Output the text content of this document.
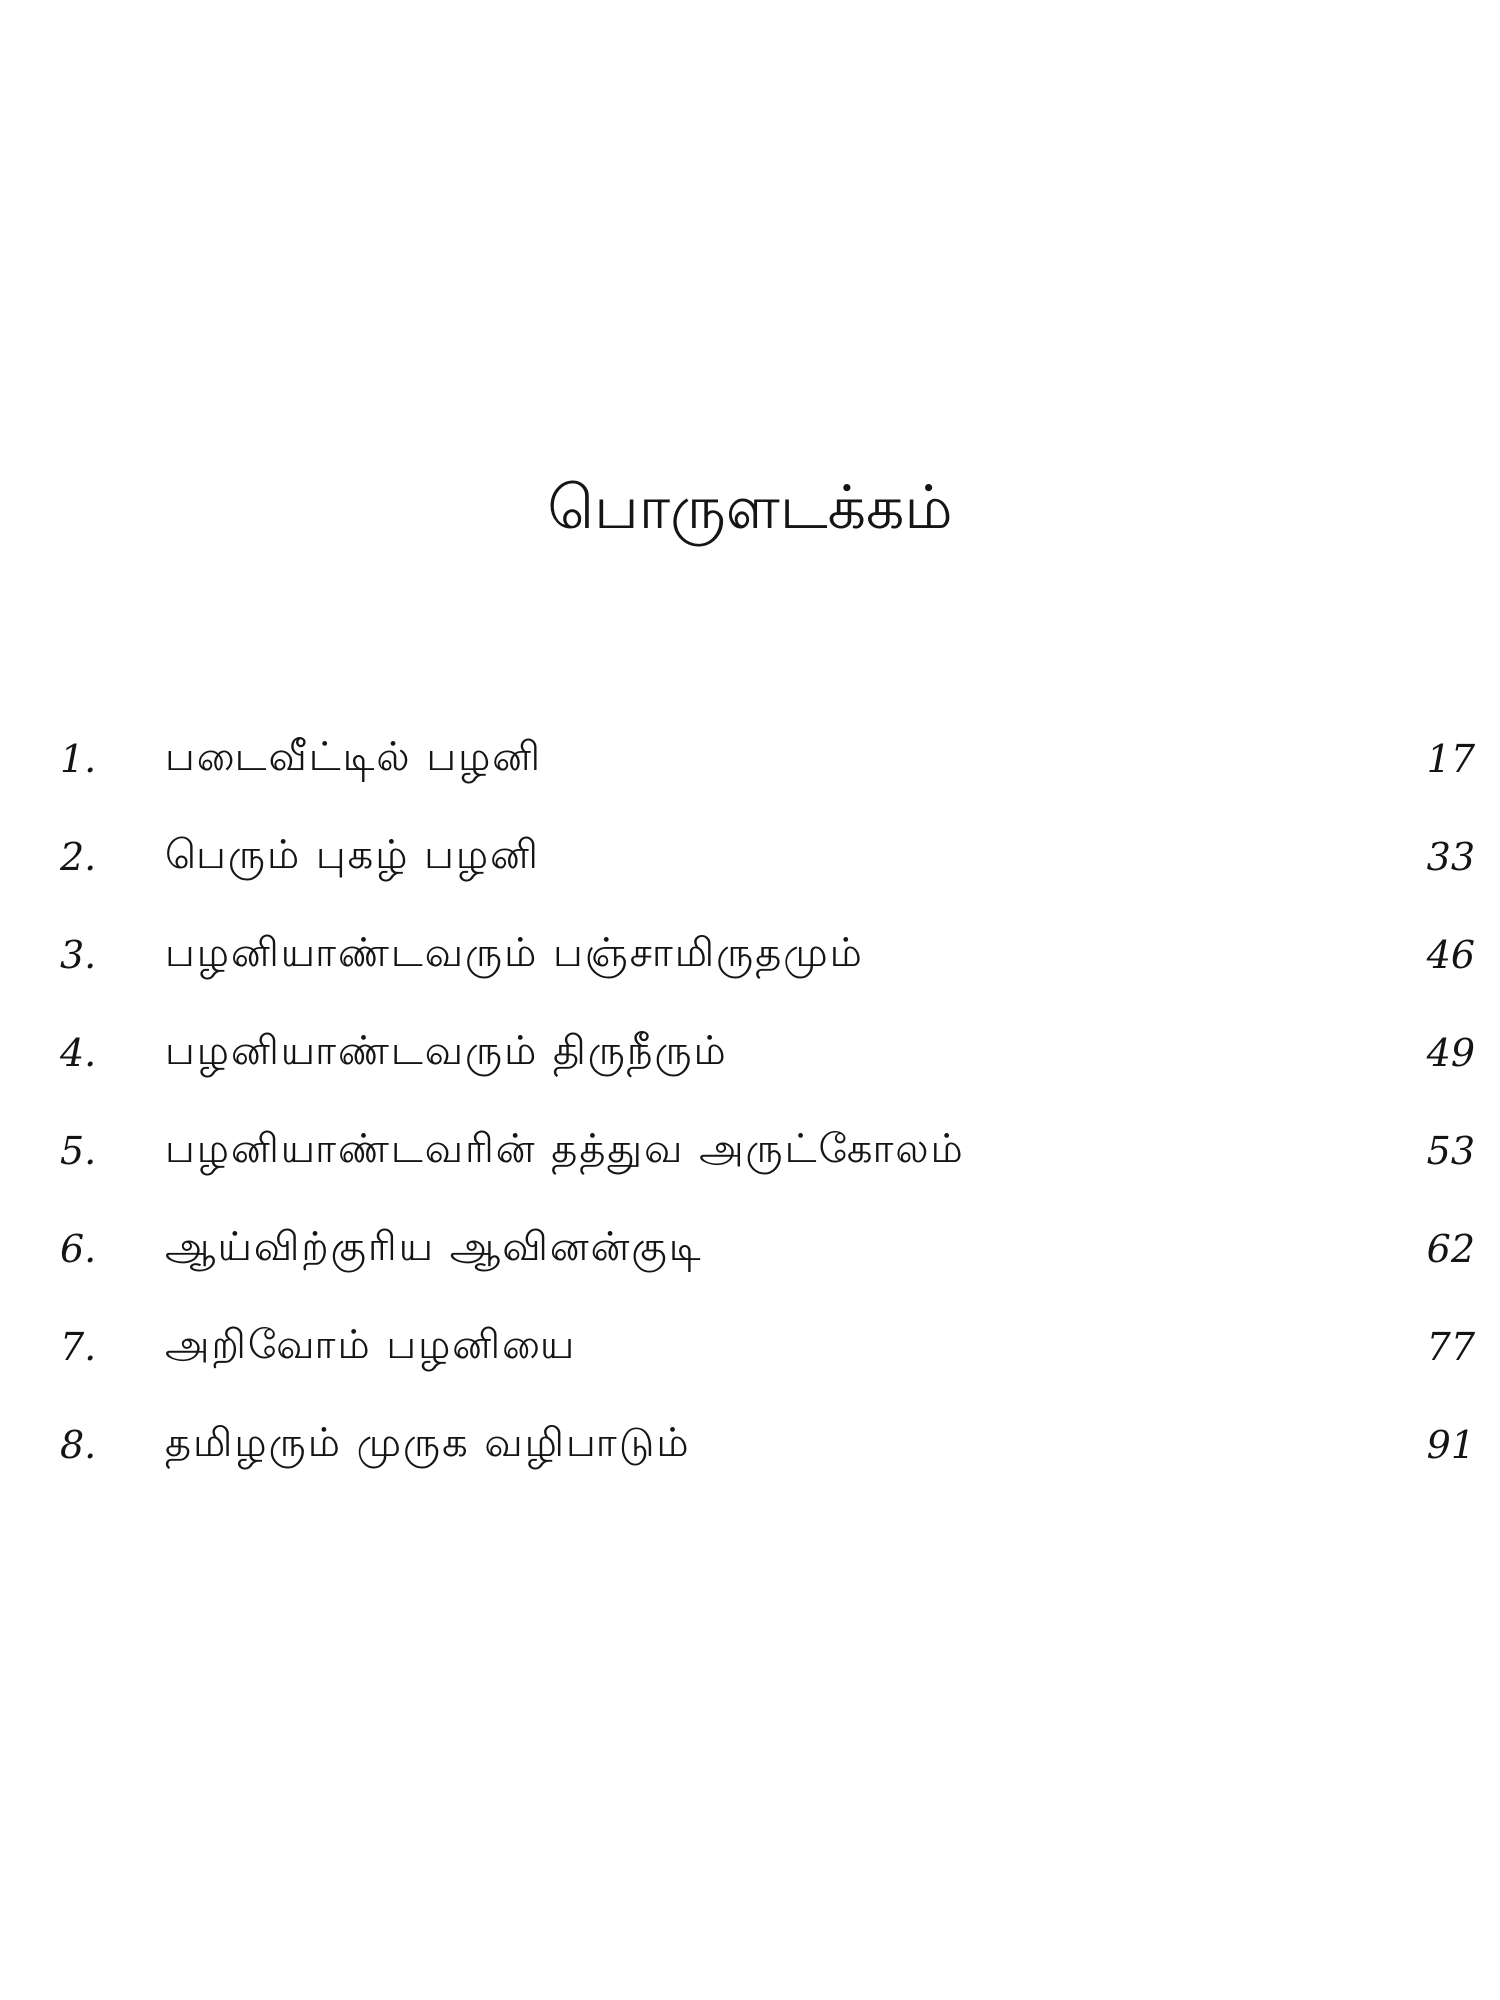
பொருளடக்கம்
1.	படைவீட்டில் பழனி	17
2.	பெரும் புகழ் பழனி	33
3.	பழனியாண்டவரும் பஞ்சாமிருதமும்	46
4.	பழனியாண்டவரும் திருநீரும்	49
5.	பழனியாண்டவரின் தத்துவ அருட்கோலம்	53
6.	ஆய்விற்குரிய ஆவினன்குடி	62
7.	அறிவோம் பழனியை	77
8.	தமிழரும் முருக வழிபாடும்	91
